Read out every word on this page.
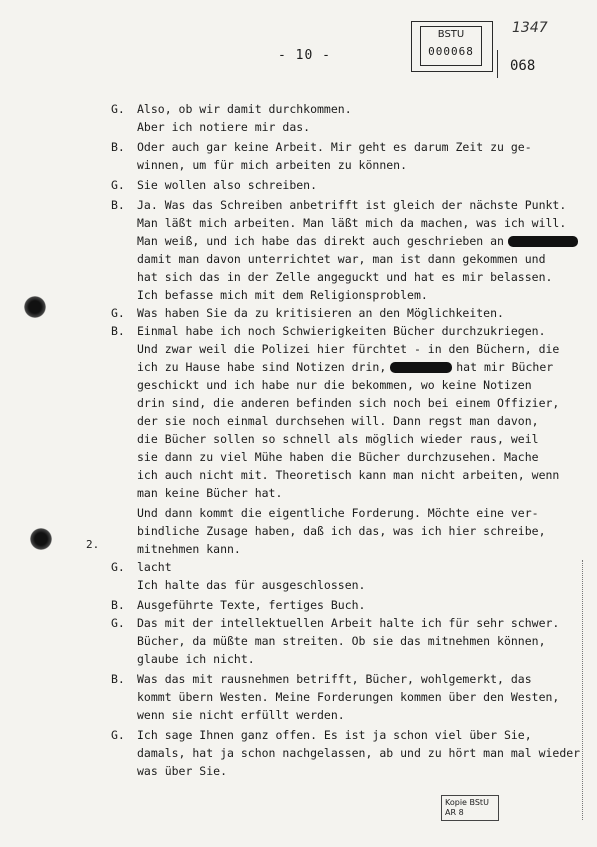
- 10 -
BSTU
000068
1347
068
G. Also, ob wir damit durchkommen.
Aber ich notiere mir das.
B. Oder auch gar keine Arbeit. Mir geht es darum Zeit zu ge-
winnen, um für mich arbeiten zu können.
G. Sie wollen also schreiben.
B. Ja. Was das Schreiben anbetrifft ist gleich der nächste Punkt.
Man läßt mich arbeiten. Man läßt mich da machen, was ich will.
Man weiß, und ich habe das direkt auch geschrieben an
damit man davon unterrichtet war, man ist dann gekommen und
hat sich das in der Zelle angeguckt und hat es mir belassen.
Ich befasse mich mit dem Religionsproblem.
G. Was haben Sie da zu kritisieren an den Möglichkeiten.
B. Einmal habe ich noch Schwierigkeiten Bücher durchzukriegen.
Und zwar weil die Polizei hier fürchtet - in den Büchern, die
ich zu Hause habe sind Notizen drin,	hat mir Bücher
geschickt und ich habe nur die bekommen, wo keine Notizen
drin sind, die anderen befinden sich noch bei einem Offizier,
der sie noch einmal durchsehen will. Dann regst man davon,
die Bücher sollen so schnell als möglich wieder raus, weil
sie dann zu viel Mühe haben die Bücher durchzusehen. Mache
ich auch nicht mit. Theoretisch kann man nicht arbeiten, wenn
man keine Bücher hat.
Und dann kommt die eigentliche Forderung. Möchte eine ver-
bindliche Zusage haben, daß ich das, was ich hier schreibe,
mitnehmen kann.
G. lacht
Ich halte das für ausgeschlossen.
B. Ausgeführte Texte, fertiges Buch.
G. Das mit der intellektuellen Arbeit halte ich für sehr schwer.
Bücher, da müßte man streiten. Ob sie das mitnehmen können,
glaube ich nicht.
B. Was das mit rausnehmen betrifft, Bücher, wohlgemerkt, das
kommt übern Westen. Meine Forderungen kommen über den Westen,
wenn sie nicht erfüllt werden.
G. Ich sage Ihnen ganz offen. Es ist ja schon viel über Sie,
damals, hat ja schon nachgelassen, ab und zu hört man mal wieder
was über Sie.
2.
Kopie BStU
AR 8
